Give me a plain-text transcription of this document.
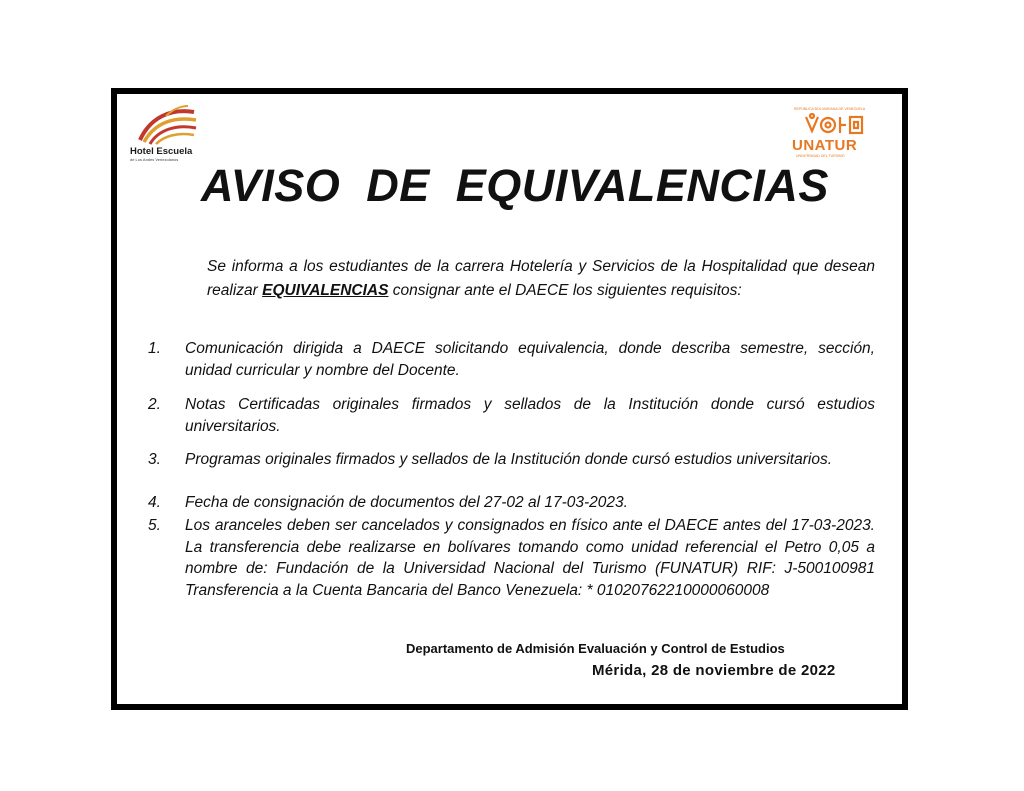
Hotel Escuela
de Los Andes Venezolanos
REPÚBLICA BOLIVARIANA DE VENEZUELA
UNATUR
UNIVERSIDAD DEL TURISMO
AVISO  DE  EQUIVALENCIAS
Se informa a los estudiantes de la carrera Hotelería y Servicios de la Hospitalidad que desean realizar EQUIVALENCIAS consignar ante el DAECE los siguientes requisitos:
1. Comunicación dirigida a DAECE solicitando equivalencia, donde describa semestre, sección, unidad curricular y nombre del Docente.
2. Notas Certificadas originales firmados y sellados de la Institución donde cursó estudios universitarios.
3. Programas originales firmados y sellados de la Institución donde cursó estudios universitarios.
4. Fecha de consignación de documentos del 27-02 al 17-03-2023.
5. Los aranceles deben ser cancelados y consignados en físico ante el DAECE antes del 17-03-2023. La transferencia debe realizarse en bolívares tomando como unidad referencial el Petro 0,05 a nombre de: Fundación de la Universidad Nacional del Turismo (FUNATUR) RIF: J-500100981 Transferencia a la Cuenta Bancaria del Banco Venezuela: * 01020762210000060008
Departamento de Admisión Evaluación y Control de Estudios
Mérida, 28 de noviembre de 2022
